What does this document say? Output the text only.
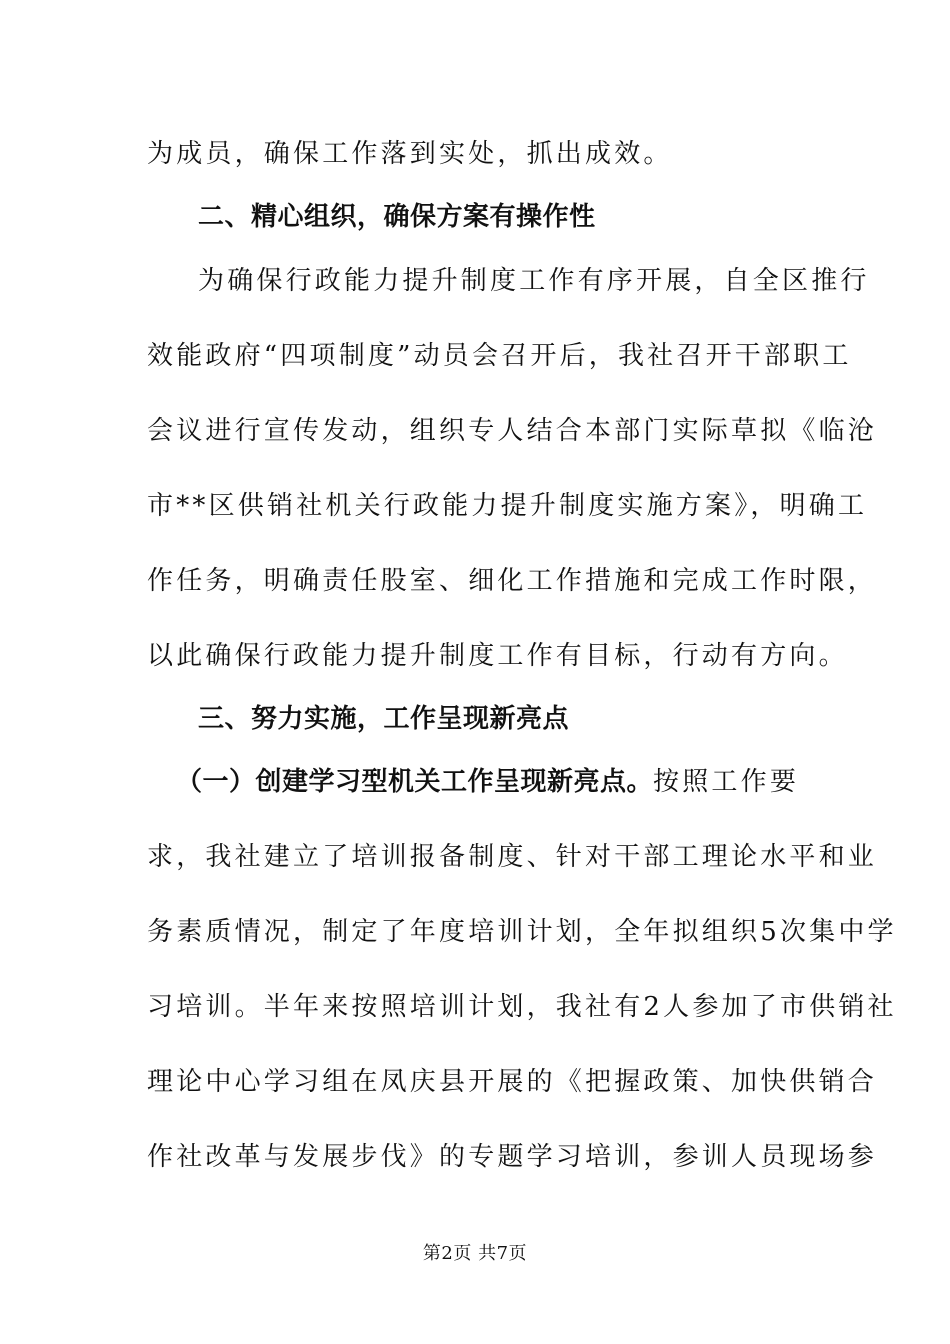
为成员，确保工作落到实处，抓出成效。
二、精心组织，确保方案有操作性
为确保行政能力提升制度工作有序开展，自全区推行
效能政府“四项制度”动员会召开后，我社召开干部职工
会议进行宣传发动，组织专人结合本部门实际草拟《临沧
市**区供销社机关行政能力提升制度实施方案》，明确工
作任务，明确责任股室、细化工作措施和完成工作时限，
以此确保行政能力提升制度工作有目标，行动有方向。
三、努力实施，工作呈现新亮点
（一）创建学习型机关工作呈现新亮点。按照工作要
求，我社建立了培训报备制度、针对干部工理论水平和业
务素质情况，制定了年度培训计划，全年拟组织5次集中学
习培训。半年来按照培训计划，我社有2人参加了市供销社
理论中心学习组在凤庆县开展的《把握政策、加快供销合
作社改革与发展步伐》的专题学习培训，参训人员现场参
第2页 共7页
